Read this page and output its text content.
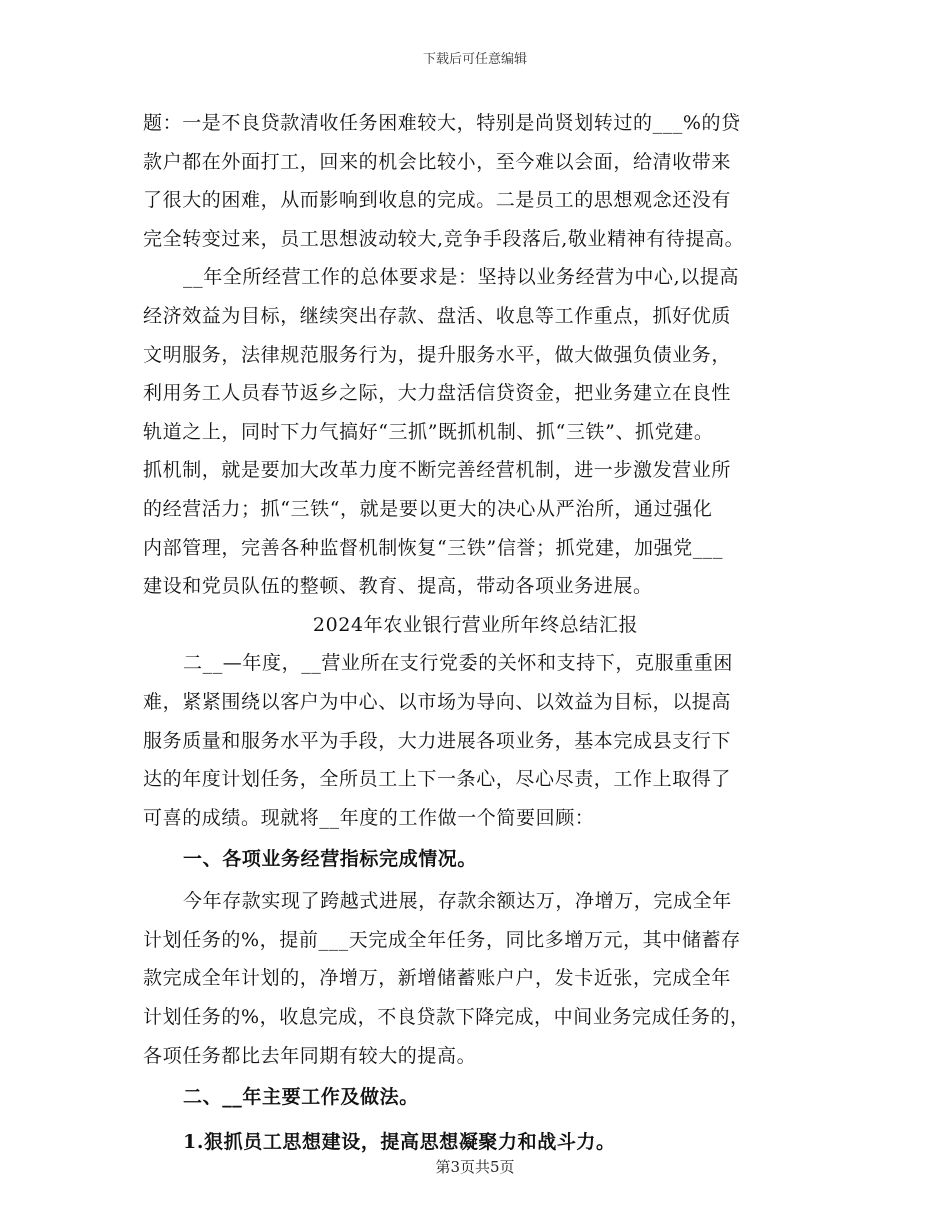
下载后可任意编辑
题：一是不良贷款清收任务困难较大，特别是尚贤划转过的___%的贷
款户都在外面打工，回来的机会比较小，至今难以会面，给清收带来
了很大的困难，从而影响到收息的完成。二是员工的思想观念还没有
完全转变过来，员工思想波动较大,竞争手段落后,敬业精神有待提高。
__年全所经营工作的总体要求是：坚持以业务经营为中心,以提高
经济效益为目标，继续突出存款、盘活、收息等工作重点，抓好优质
文明服务，法律规范服务行为，提升服务水平，做大做强负债业务，
利用务工人员春节返乡之际，大力盘活信贷资金，把业务建立在良性
轨道之上，同时下力气搞好“三抓”既抓机制、抓“三铁”、抓党建。
抓机制，就是要加大改革力度不断完善经营机制，进一步激发营业所
的经营活力；抓“三铁“，就是要以更大的决心从严治所，通过强化
内部管理，完善各种监督机制恢复“三铁”信誉；抓党建，加强党___
建设和党员队伍的整顿、教育、提高，带动各项业务进展。
2024年农业银行营业所年终总结汇报
二__—年度，__营业所在支行党委的关怀和支持下，克服重重困
难，紧紧围绕以客户为中心、以市场为导向、以效益为目标，以提高
服务质量和服务水平为手段，大力进展各项业务，基本完成县支行下
达的年度计划任务，全所员工上下一条心，尽心尽责，工作上取得了
可喜的成绩。现就将__年度的工作做一个简要回顾：
一、各项业务经营指标完成情况。
今年存款实现了跨越式进展，存款余额达万，净增万，完成全年
计划任务的%，提前___天完成全年任务，同比多增万元，其中储蓄存
款完成全年计划的，净增万，新增储蓄账户户，发卡近张，完成全年
计划任务的%，收息完成，不良贷款下降完成，中间业务完成任务的，
各项任务都比去年同期有较大的提高。
二、__年主要工作及做法。
1.狠抓员工思想建设，提高思想凝聚力和战斗力。
第3页共5页
